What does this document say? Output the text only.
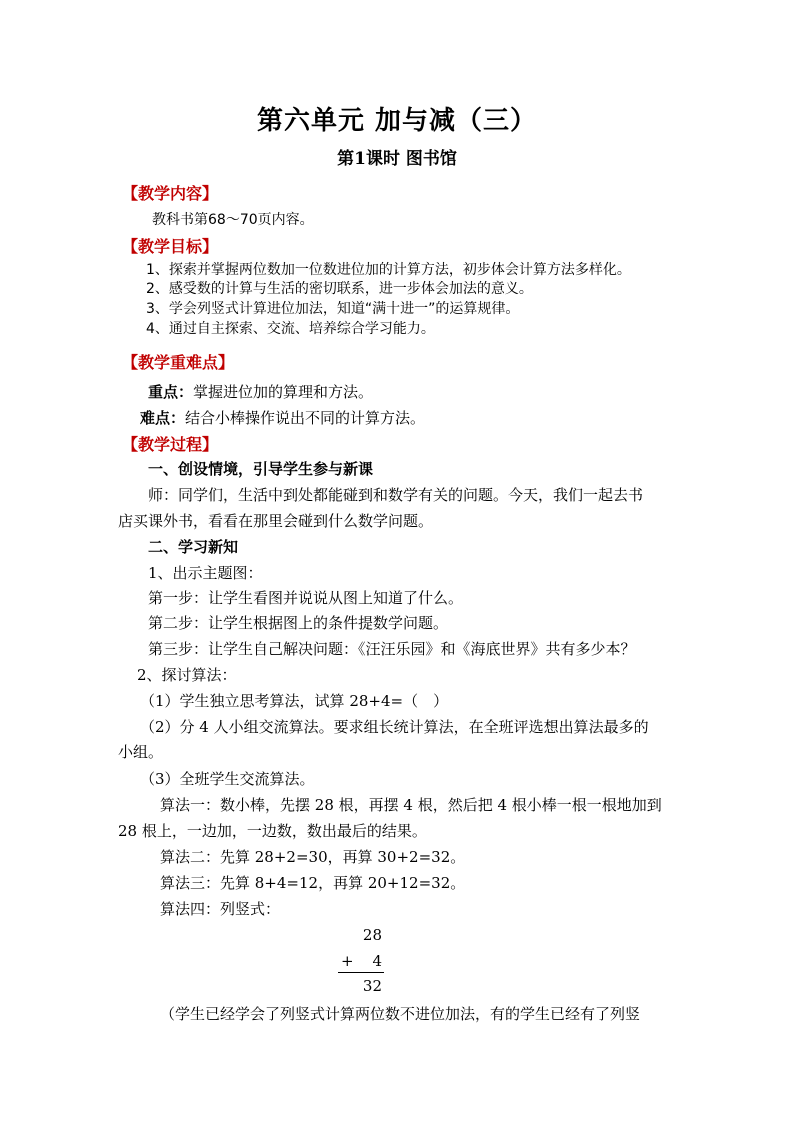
第六单元 加与减（三）
第1课时 图书馆
【教学内容】
教科书第68～70页内容。
【教学目标】
1、探索并掌握两位数加一位数进位加的计算方法，初步体会计算方法多样化。
2、感受数的计算与生活的密切联系，进一步体会加法的意义。
3、学会列竖式计算进位加法，知道“满十进一”的运算规律。
4、通过自主探索、交流、培养综合学习能力。
【教学重难点】
重点：掌握进位加的算理和方法。
难点：结合小棒操作说出不同的计算方法。
【教学过程】
一、创设情境，引导学生参与新课
师：同学们，生活中到处都能碰到和数学有关的问题。今天，我们一起去书
店买课外书，看看在那里会碰到什么数学问题。
二、学习新知
1、出示主题图：
第一步：让学生看图并说说从图上知道了什么。
第二步：让学生根据图上的条件提数学问题。
第三步：让学生自己解决问题：《汪汪乐园》和《海底世界》共有多少本？
2、探讨算法：
（1）学生独立思考算法，试算 28+4=（　）
（2）分 4 人小组交流算法。要求组长统计算法，在全班评选想出算法最多的
小组。
（3）全班学生交流算法。
算法一：数小棒，先摆 28 根，再摆 4 根，然后把 4 根小棒一根一根地加到
28 根上，一边加，一边数，数出最后的结果。
算法二：先算 28+2=30，再算 30+2=32。
算法三：先算 8+4=12，再算 20+12=32。
算法四：列竖式：
28
+	4
32
（学生已经学会了列竖式计算两位数不进位加法，有的学生已经有了列竖
